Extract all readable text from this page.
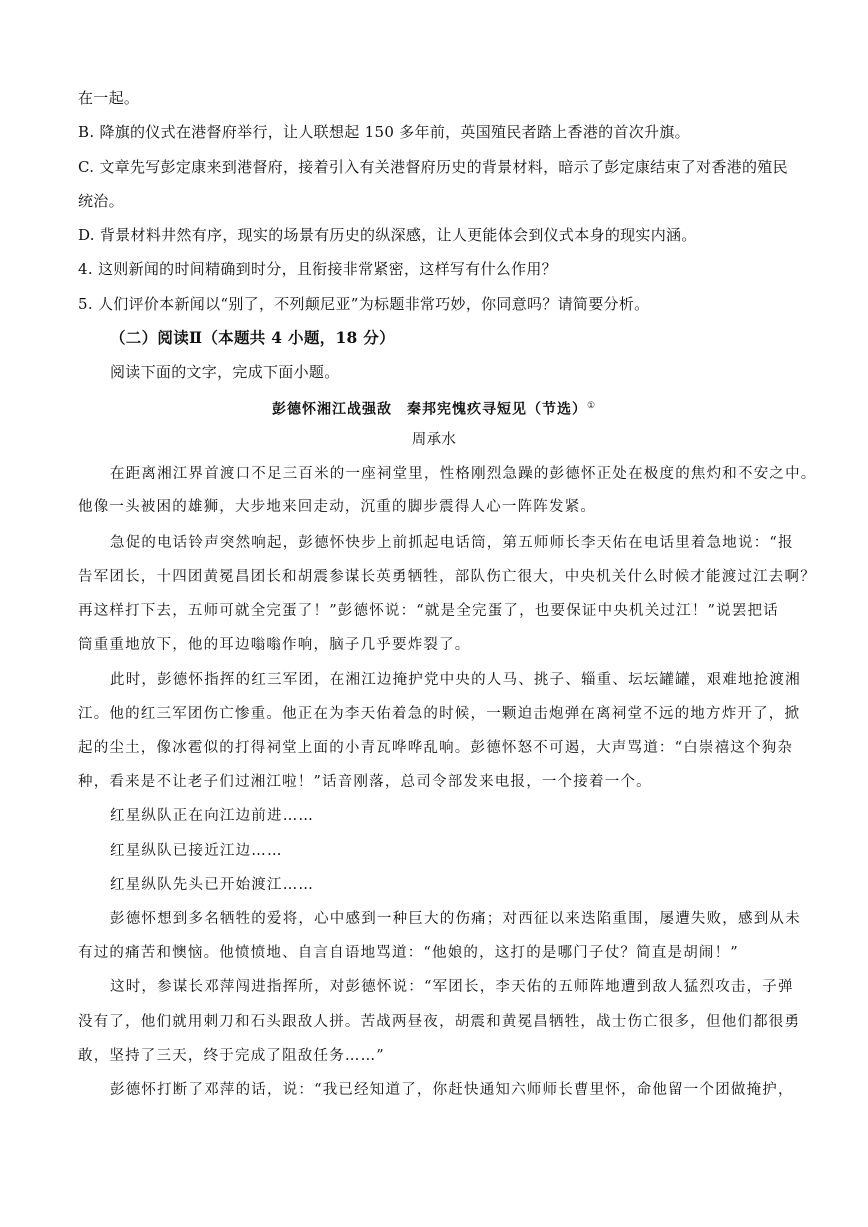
在一起。
B. 降旗的仪式在港督府举行，让人联想起 150 多年前，英国殖民者踏上香港的首次升旗。
C. 文章先写彭定康来到港督府，接着引入有关港督府历史的背景材料，暗示了彭定康结束了对香港的殖民
统治。
D. 背景材料井然有序，现实的场景有历史的纵深感，让人更能体会到仪式本身的现实内涵。
4. 这则新闻的时间精确到时分，且衔接非常紧密，这样写有什么作用？
5. 人们评价本新闻以“别了，不列颠尼亚”为标题非常巧妙，你同意吗？请简要分析。
（二）阅读Ⅱ（本题共 4 小题，18 分）
阅读下面的文字，完成下面小题。
彭德怀湘江战强敌　秦邦宪愧疚寻短见（节选）①
周承水
在距离湘江界首渡口不足三百米的一座祠堂里，性格刚烈急躁的彭德怀正处在极度的焦灼和不安之中。
他像一头被困的雄狮，大步地来回走动，沉重的脚步震得人心一阵阵发紧。
急促的电话铃声突然响起，彭德怀快步上前抓起电话筒，第五师师长李天佑在电话里着急地说：“报
告军团长，十四团黄冕昌团长和胡震参谋长英勇牺牲，部队伤亡很大，中央机关什么时候才能渡过江去啊？
再这样打下去，五师可就全完蛋了！”彭德怀说：“就是全完蛋了，也要保证中央机关过江！”说罢把话
筒重重地放下，他的耳边嗡嗡作响，脑子几乎要炸裂了。
此时，彭德怀指挥的红三军团，在湘江边掩护党中央的人马、挑子、辎重、坛坛罐罐，艰难地抢渡湘
江。他的红三军团伤亡惨重。他正在为李天佑着急的时候，一颗迫击炮弹在离祠堂不远的地方炸开了，掀
起的尘土，像冰雹似的打得祠堂上面的小青瓦哗哗乱响。彭德怀怒不可遏，大声骂道：“白崇禧这个狗杂
种，看来是不让老子们过湘江啦！”话音刚落，总司令部发来电报，一个接着一个。
红星纵队正在向江边前进……
红星纵队已接近江边……
红星纵队先头已开始渡江……
彭德怀想到多名牺牲的爱将，心中感到一种巨大的伤痛；对西征以来迭陷重围，屡遭失败，感到从未
有过的痛苦和懊恼。他愤愤地、自言自语地骂道：“他娘的，这打的是哪门子仗？简直是胡闹！”
这时，参谋长邓萍闯进指挥所，对彭德怀说：“军团长，李天佑的五师阵地遭到敌人猛烈攻击，子弹
没有了，他们就用刺刀和石头跟敌人拼。苦战两昼夜，胡震和黄冕昌牺牲，战士伤亡很多，但他们都很勇
敢，坚持了三天，终于完成了阻敌任务……”
彭德怀打断了邓萍的话，说：“我已经知道了，你赶快通知六师师长曹里怀，命他留一个团做掩护，
